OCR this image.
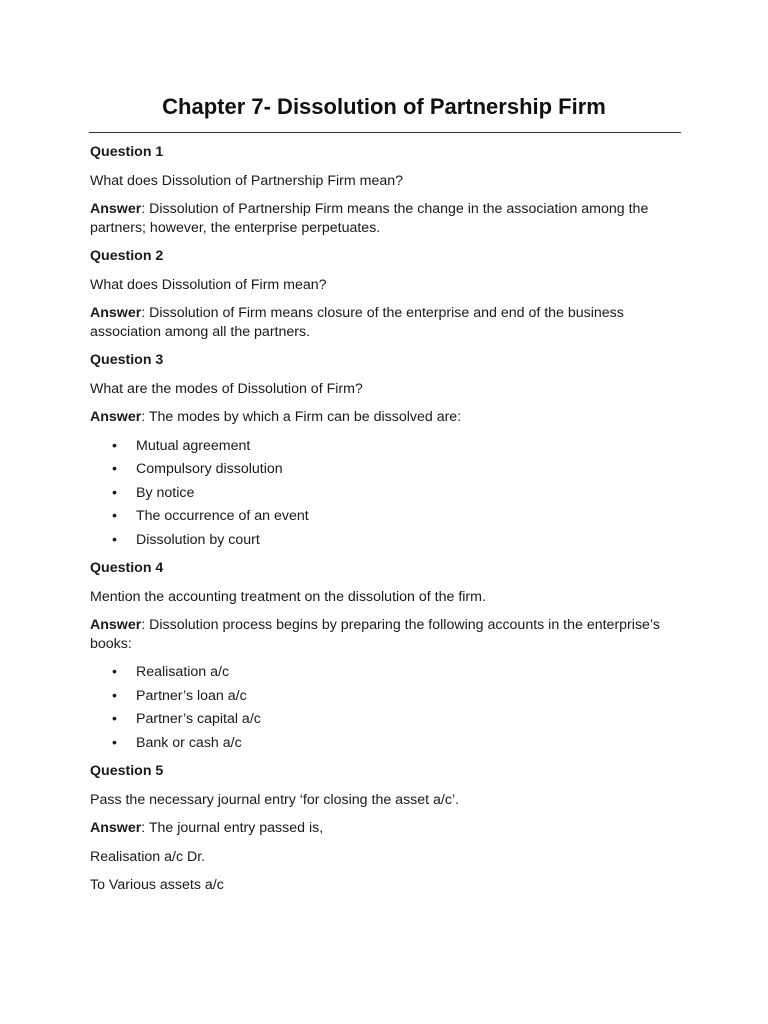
Chapter 7- Dissolution of Partnership Firm
Question 1
What does Dissolution of Partnership Firm mean?
Answer: Dissolution of Partnership Firm means the change in the association among the partners; however, the enterprise perpetuates.
Question 2
What does Dissolution of Firm mean?
Answer: Dissolution of Firm means closure of the enterprise and end of the business association among all the partners.
Question 3
What are the modes of Dissolution of Firm?
Answer: The modes by which a Firm can be dissolved are:
• Mutual agreement
• Compulsory dissolution
• By notice
• The occurrence of an event
• Dissolution by court
Question 4
Mention the accounting treatment on the dissolution of the firm.
Answer: Dissolution process begins by preparing the following accounts in the enterprise’s books:
• Realisation a/c
• Partner’s loan a/c
• Partner’s capital a/c
• Bank or cash a/c
Question 5
Pass the necessary journal entry ‘for closing the asset a/c’.
Answer: The journal entry passed is,
Realisation a/c Dr.
To Various assets a/c
